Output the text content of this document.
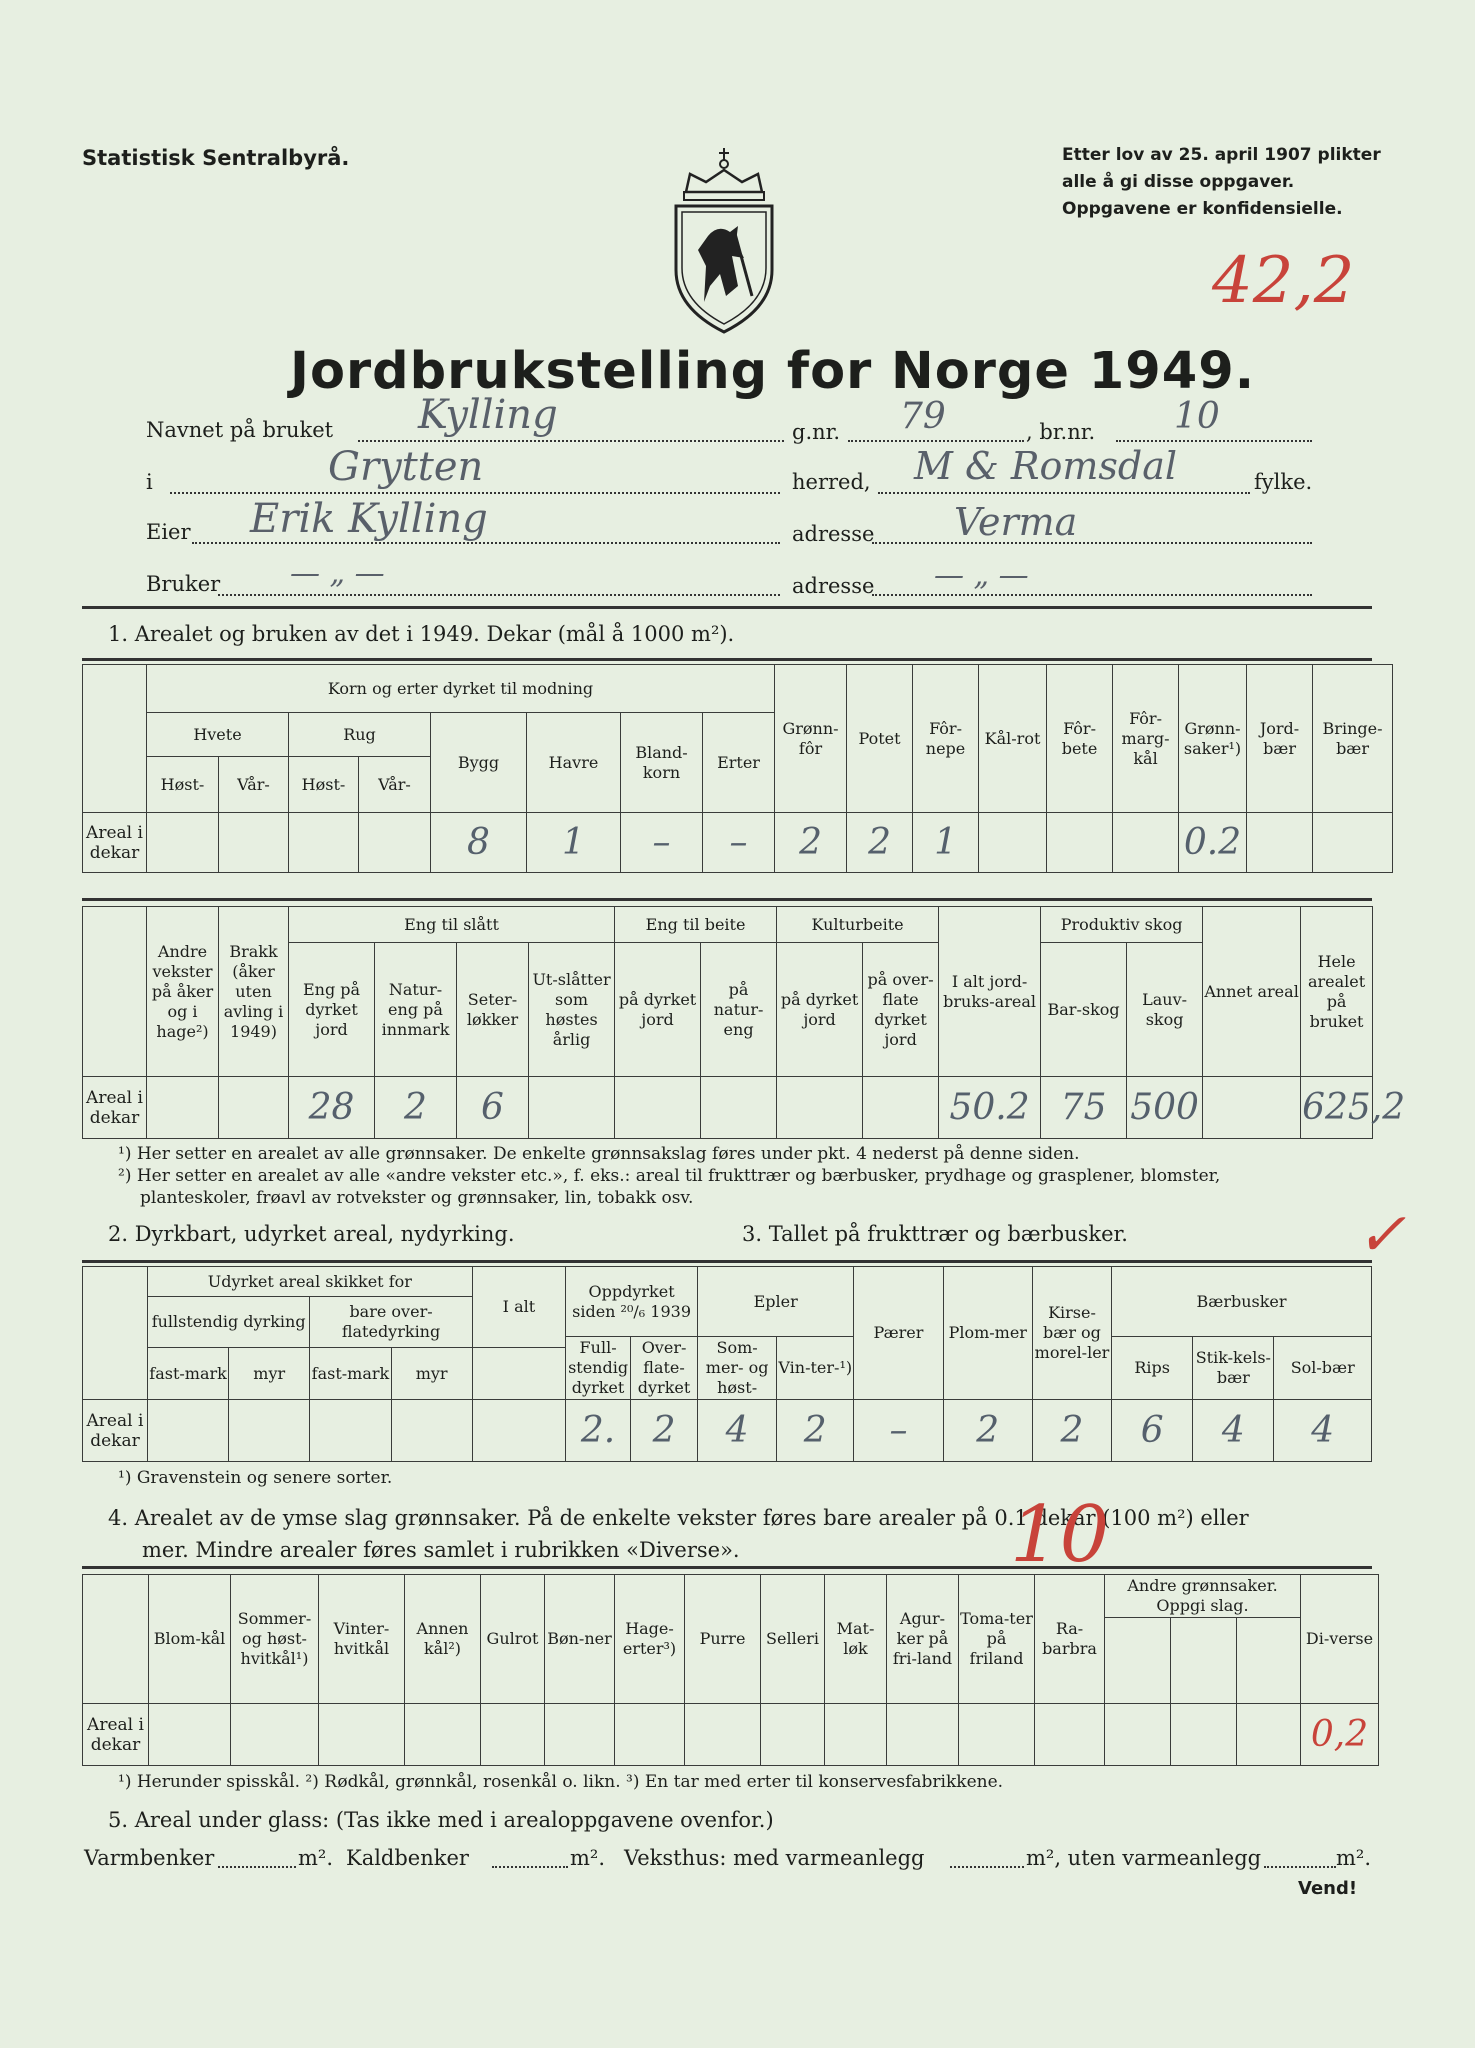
Statistisk Sentralbyrå.	Etter lov av 25. april 1907 plikter
alle å gi disse oppgaver.
Oppgavene er konfidensielle.
42,2
Jordbrukstelling for Norge 1949.
Navnet på bruket Kylling	g.nr. 79	, br.nr. 10
i	Grytten	herred, M & Romsdal	fylke.
Eier Erik Kylling	adresse Verma
Bruker — „ —	adresse — „ —
1. Arealet og bruken av det i 1949. Dekar (mål å 1000 m²).
	Korn og erter dyrket til modning								Grønn-fôr	Potet	Fôr-nepe	Kål-rot	Fôr-bete	Fôr-marg-kål	Grønn-saker¹)	Jord-bær	Bringe-bær
	Hvete		Rug		Bygg	Havre	Bland-korn	Erter									
	Høst-	Vår-	Høst-	Vår-													
Areal i dekar					8	1	–	–	2	2	1				0.2		
	Andre vekster på åker og i hage²)	Brakk (åker uten avling i 1949)	Eng til slått				Eng til beite		Kulturbeite		I alt jord-bruks-areal	Produktiv skog		Annet areal	Hele arealet på bruket
			Eng på dyrket jord	Natur-eng på innmark	Seter-løkker	Ut-slåtter som høstes årlig	på dyrket jord	på natur-eng	på dyrket jord	på over-flate dyrket jord		Bar-skog	Lauv-skog		
Areal i dekar			28	2	6						50.2	75	500		625,2
¹) Her setter en arealet av alle grønnsaker. De enkelte grønnsakslag føres under pkt. 4 nederst på denne siden.
²) Her setter en arealet av alle «andre vekster etc.», f. eks.: areal til frukttrær og bærbusker, prydhage og grasplener, blomster,
planteskoler, frøavl av rotvekster og grønnsaker, lin, tobakk osv.
2. Dyrkbart, udyrket areal, nydyrking.	3. Tallet på frukttrær og bærbusker.	✓
	Udyrket areal skikket for				I alt	Oppdyrket siden ²⁰/₆ 1939		Epler		Pærer	Plom-mer	Kirse-bær og morel-ler	Bærbusker		
	fullstendig dyrking		bare over-flatedyrking												
						Full-stendig dyrket	Over-flate-dyrket	Som-mer- og høst-	Vin-ter-¹)				Rips	Stik-kels-bær	Sol-bær
	fast-mark	myr	fast-mark	myr											
Areal i dekar						2.	2	4	2	–	2	2	6	4	4
¹) Gravenstein og senere sorter.
4. Arealet av de ymse slag grønnsaker. På de enkelte vekster føres bare arealer på 0.1 dekar (100 m²) eller
mer. Mindre arealer føres samlet i rubrikken «Diverse».	10
	Blom-kål	Sommer- og høst-hvitkål¹)	Vinter-hvitkål	Annen kål²)	Gulrot	Bøn-ner	Hage-erter³)	Purre	Selleri	Mat-løk	Agur-ker på fri-land	Toma-ter på friland	Ra-barbra	Andre grønnsaker. Oppgi slag.			Di-verse

Areal i dekar																	0,2
¹) Herunder spisskål. ²) Rødkål, grønnkål, rosenkål o. likn. ³) En tar med erter til konservesfabrikkene.
5. Areal under glass: (Tas ikke med i arealoppgavene ovenfor.)
Varmbenker	m². Kaldbenker	m². Veksthus: med varmeanlegg	m², uten varmeanlegg	m².
Vend!
